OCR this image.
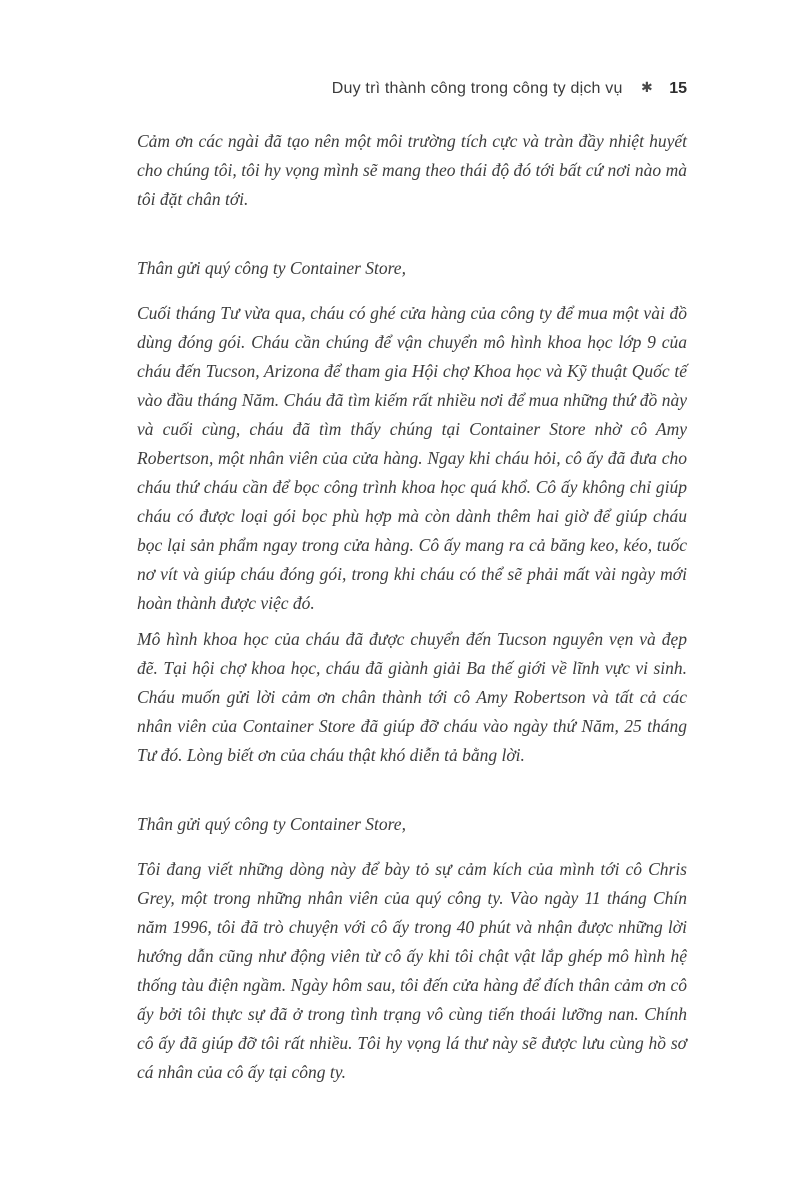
Duy trì thành công trong công ty dịch vụ ✱ 15

Cảm ơn các ngài đã tạo nên một môi trường tích cực và tràn đầy nhiệt huyết cho chúng tôi, tôi hy vọng mình sẽ mang theo thái độ đó tới bất cứ nơi nào mà tôi đặt chân tới.

Thân gửi quý công ty Container Store,

Cuối tháng Tư vừa qua, cháu có ghé cửa hàng của công ty để mua một vài đồ dùng đóng gói. Cháu cần chúng để vận chuyển mô hình khoa học lớp 9 của cháu đến Tucson, Arizona để tham gia Hội chợ Khoa học và Kỹ thuật Quốc tế vào đầu tháng Năm. Cháu đã tìm kiếm rất nhiều nơi để mua những thứ đồ này và cuối cùng, cháu đã tìm thấy chúng tại Container Store nhờ cô Amy Robertson, một nhân viên của cửa hàng. Ngay khi cháu hỏi, cô ấy đã đưa cho cháu thứ cháu cần để bọc công trình khoa học quá khổ. Cô ấy không chỉ giúp cháu có được loại gói bọc phù hợp mà còn dành thêm hai giờ để giúp cháu bọc lại sản phẩm ngay trong cửa hàng. Cô ấy mang ra cả băng keo, kéo, tuốc nơ vít và giúp cháu đóng gói, trong khi cháu có thể sẽ phải mất vài ngày mới hoàn thành được việc đó.

Mô hình khoa học của cháu đã được chuyển đến Tucson nguyên vẹn và đẹp đẽ. Tại hội chợ khoa học, cháu đã giành giải Ba thế giới về lĩnh vực vi sinh. Cháu muốn gửi lời cảm ơn chân thành tới cô Amy Robertson và tất cả các nhân viên của Container Store đã giúp đỡ cháu vào ngày thứ Năm, 25 tháng Tư đó. Lòng biết ơn của cháu thật khó diễn tả bằng lời.

Thân gửi quý công ty Container Store,

Tôi đang viết những dòng này để bày tỏ sự cảm kích của mình tới cô Chris Grey, một trong những nhân viên của quý công ty. Vào ngày 11 tháng Chín năm 1996, tôi đã trò chuyện với cô ấy trong 40 phút và nhận được những lời hướng dẫn cũng như động viên từ cô ấy khi tôi chật vật lắp ghép mô hình hệ thống tàu điện ngầm. Ngày hôm sau, tôi đến cửa hàng để đích thân cảm ơn cô ấy bởi tôi thực sự đã ở trong tình trạng vô cùng tiến thoái lưỡng nan. Chính cô ấy đã giúp đỡ tôi rất nhiều. Tôi hy vọng lá thư này sẽ được lưu cùng hồ sơ cá nhân của cô ấy tại công ty.
